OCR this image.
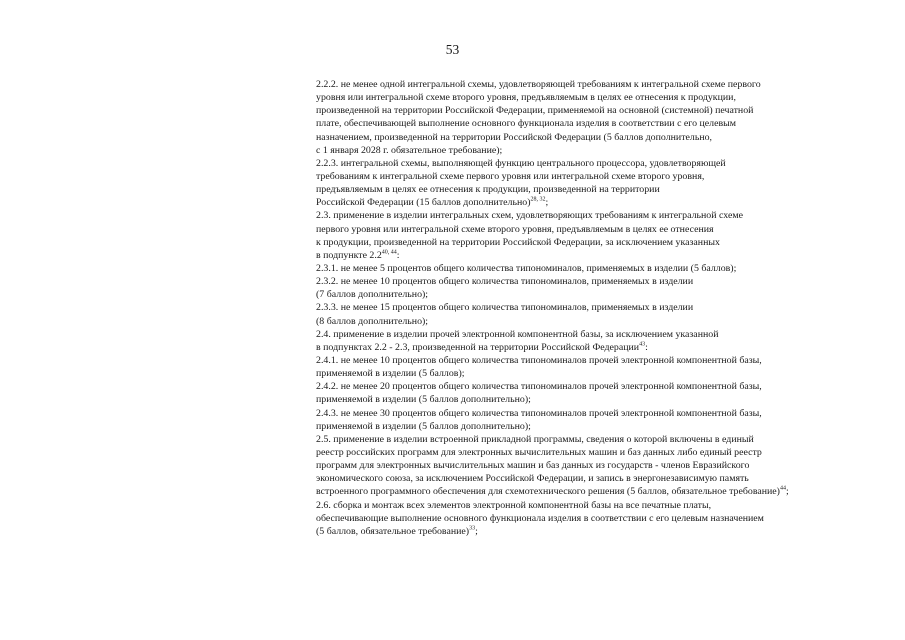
53
2.2.2. не менее одной интегральной схемы, удовлетворяющей требованиям к интегральной схеме первого
уровня или интегральной схеме второго уровня, предъявляемым в целях ее отнесения к продукции,
произведенной на территории Российской Федерации, применяемой на основной (системной) печатной
плате, обеспечивающей выполнение основного функционала изделия в соответствии с его целевым
назначением, произведенной на территории Российской Федерации (5 баллов дополнительно,
с 1 января 2028 г. обязательное требование);
2.2.3. интегральной схемы, выполняющей функцию центрального процессора, удовлетворяющей
требованиям к интегральной схеме первого уровня или интегральной схеме второго уровня,
предъявляемым в целях ее отнесения к продукции, произведенной на территории
Российской Федерации (15 баллов дополнительно)$^{28, 32}$;
2.3. применение в изделии интегральных схем, удовлетворяющих требованиям к интегральной схеме
первого уровня или интегральной схеме второго уровня, предъявляемым в целях ее отнесения
к продукции, произведенной на территории Российской Федерации, за исключением указанных
в подпункте 2.2$^{40, 44}$:
2.3.1. не менее 5 процентов общего количества типономиналов, применяемых в изделии (5 баллов);
2.3.2. не менее 10 процентов общего количества типономиналов, применяемых в изделии
(7 баллов дополнительно);
2.3.3. не менее 15 процентов общего количества типономиналов, применяемых в изделии
(8 баллов дополнительно);
2.4. применение в изделии прочей электронной компонентной базы, за исключением указанной
в подпунктах 2.2 - 2.3, произведенной на территории Российской Федерации$^{43}$:
2.4.1. не менее 10 процентов общего количества типономиналов прочей электронной компонентной базы,
применяемой в изделии (5 баллов);
2.4.2. не менее 20 процентов общего количества типономиналов прочей электронной компонентной базы,
применяемой в изделии (5 баллов дополнительно);
2.4.3. не менее 30 процентов общего количества типономиналов прочей электронной компонентной базы,
применяемой в изделии (5 баллов дополнительно);
2.5. применение в изделии встроенной прикладной программы, сведения о которой включены в единый
реестр российских программ для электронных вычислительных машин и баз данных либо единый реестр
программ для электронных вычислительных машин и баз данных из государств - членов Евразийского
экономического союза, за исключением Российской Федерации, и запись в энергонезависимую память
встроенного программного обеспечения для схемотехнического решения (5 баллов, обязательное требование)$^{44}$;
2.6. сборка и монтаж всех элементов электронной компонентной базы на все печатные платы,
обеспечивающие выполнение основного функционала изделия в соответствии с его целевым назначением
(5 баллов, обязательное требование)$^{33}$;
